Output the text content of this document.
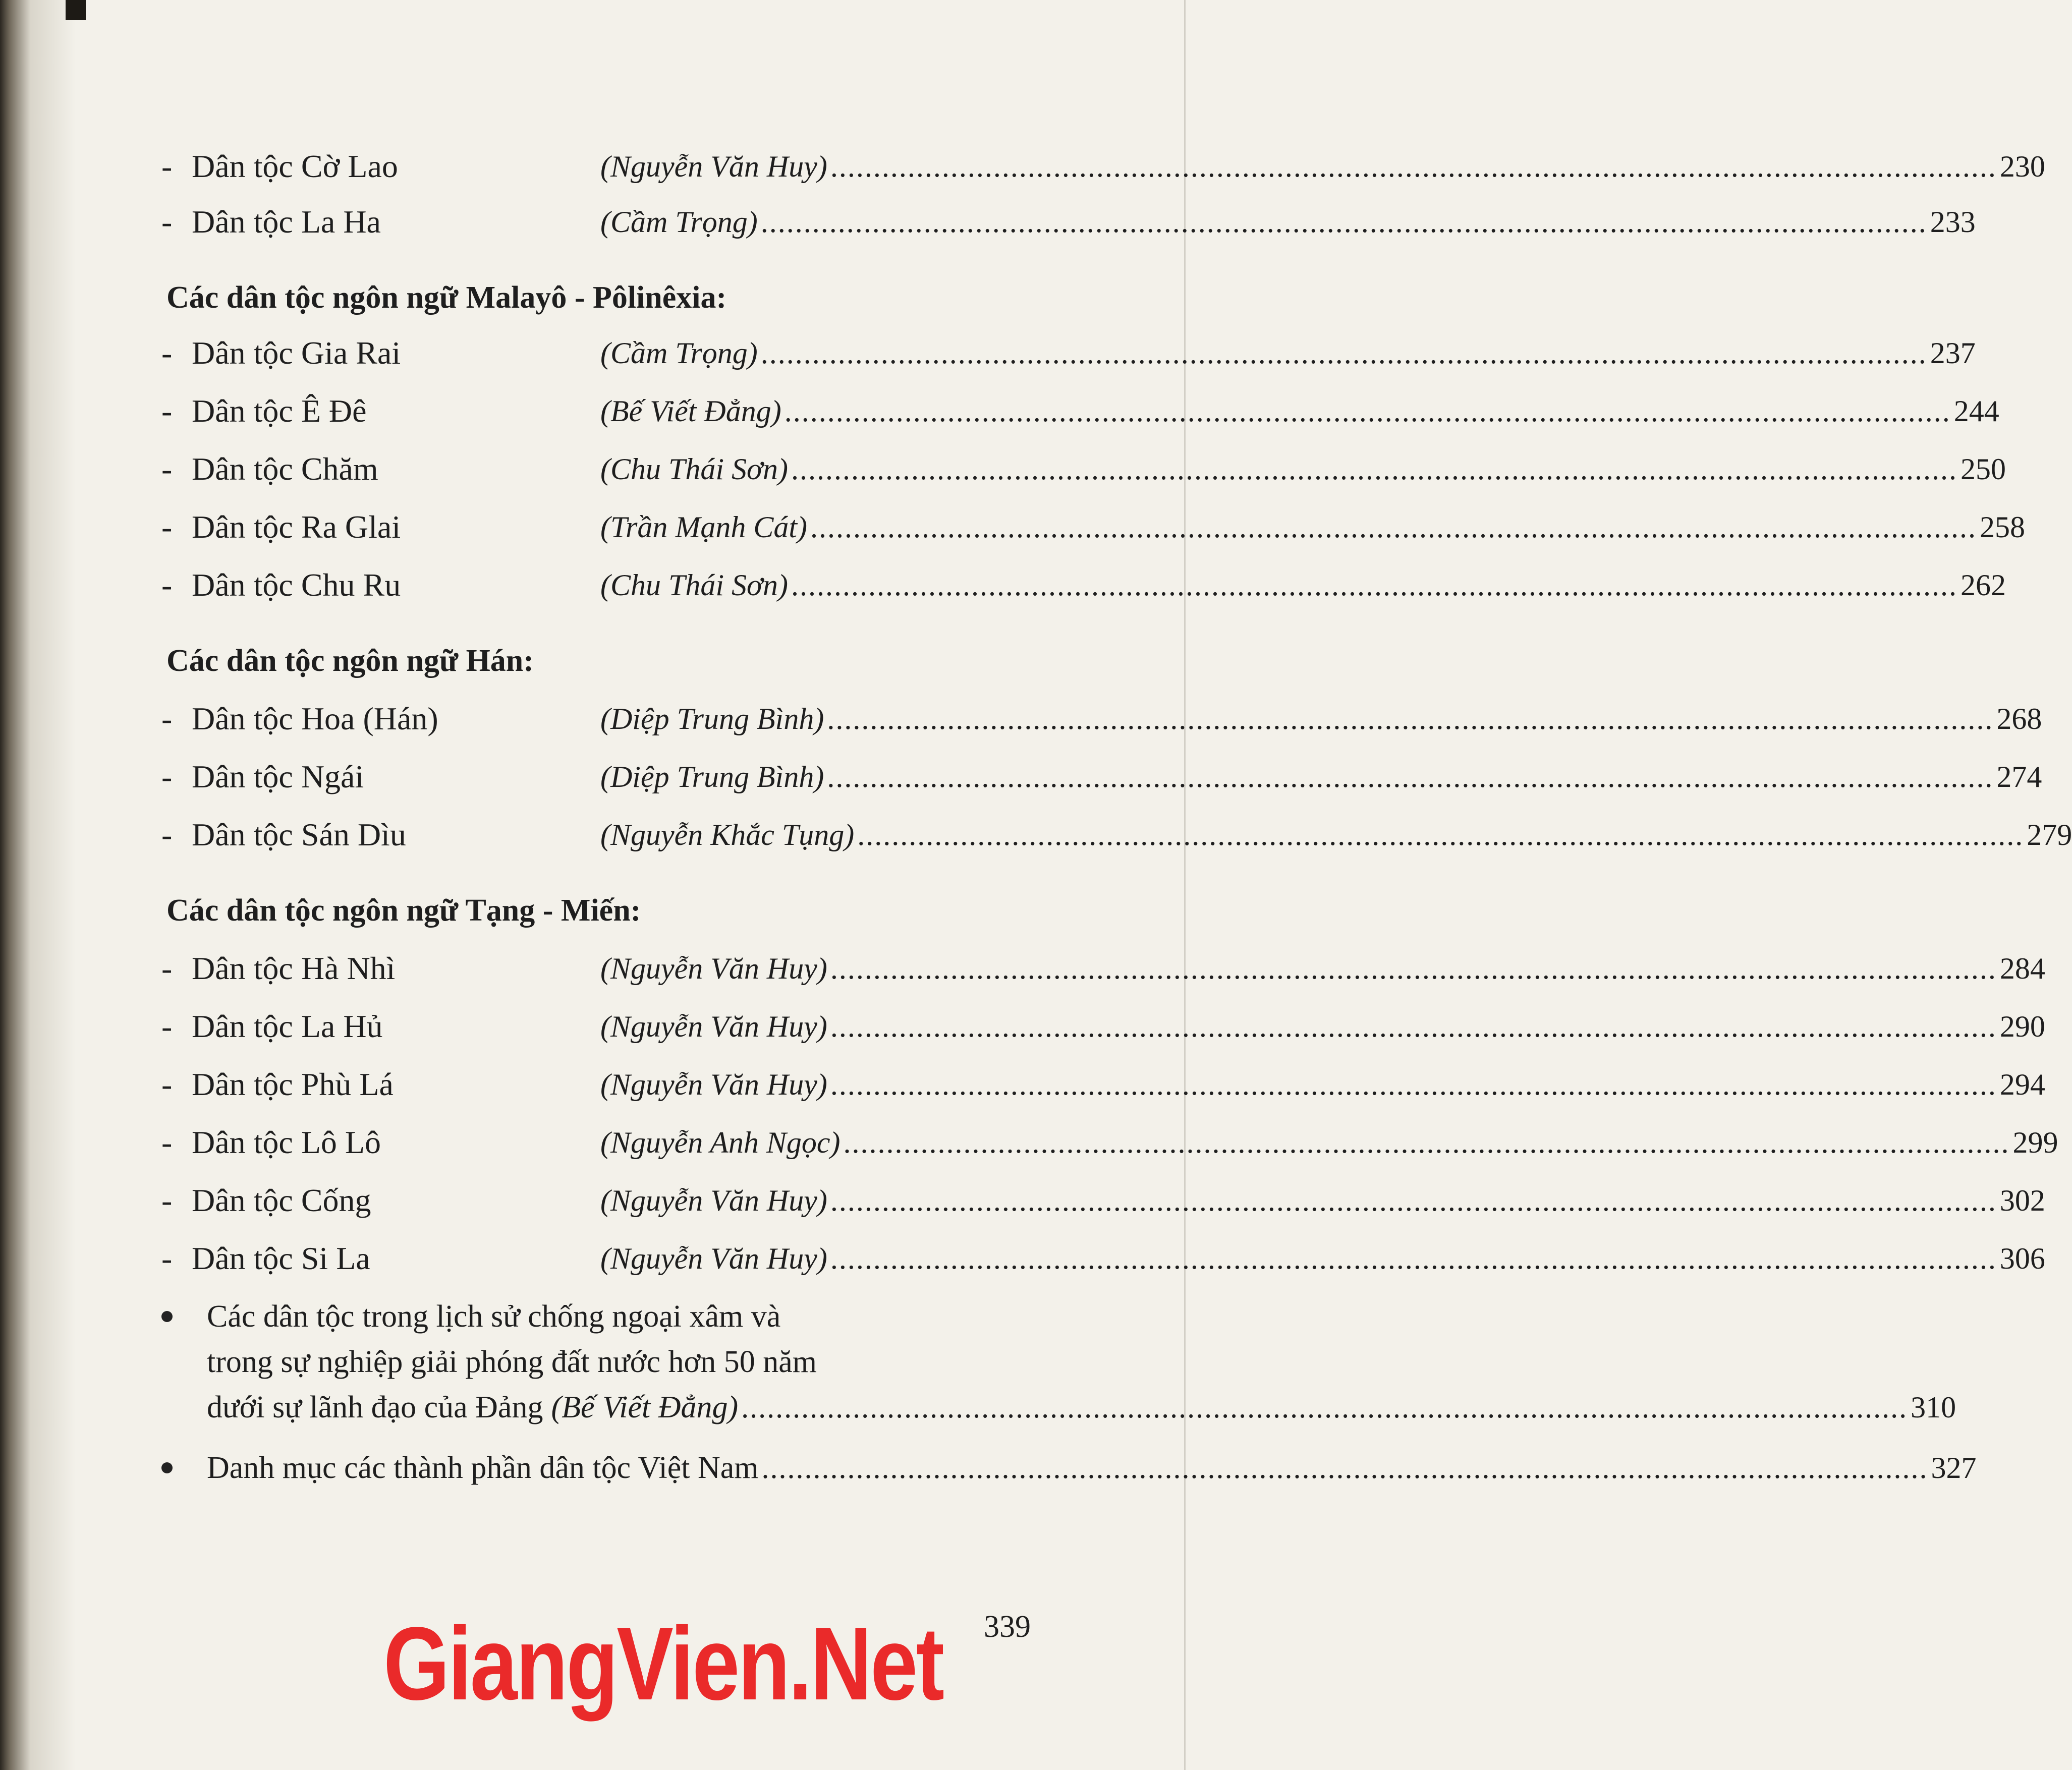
- Dân tộc Cờ Lao	(Nguyễn Văn Huy) ........................................................................................................................................ 230
- Dân tộc La Ha	(Cầm Trọng) ........................................................................................................................................ 233
Các dân tộc ngôn ngữ Malayô - Pôlinêxia:
- Dân tộc Gia Rai	(Cầm Trọng) ........................................................................................................................................ 237
- Dân tộc Ê Đê	(Bế Viết Đẳng) ........................................................................................................................................ 244
- Dân tộc Chăm	(Chu Thái Sơn) ........................................................................................................................................ 250
- Dân tộc Ra Glai	(Trần Mạnh Cát) ........................................................................................................................................ 258
- Dân tộc Chu Ru	(Chu Thái Sơn) ........................................................................................................................................ 262
Các dân tộc ngôn ngữ Hán:
- Dân tộc Hoa (Hán)	(Diệp Trung Bình) ........................................................................................................................................ 268
- Dân tộc Ngái	(Diệp Trung Bình) ........................................................................................................................................ 274
- Dân tộc Sán Dìu	(Nguyễn Khắc Tụng) ........................................................................................................................................ 279
Các dân tộc ngôn ngữ Tạng - Miến:
- Dân tộc Hà Nhì	(Nguyễn Văn Huy) ........................................................................................................................................ 284
- Dân tộc La Hủ	(Nguyễn Văn Huy) ........................................................................................................................................ 290
- Dân tộc Phù Lá	(Nguyễn Văn Huy) ........................................................................................................................................ 294
- Dân tộc Lô Lô	(Nguyễn Anh Ngọc) ........................................................................................................................................ 299
- Dân tộc Cống	(Nguyễn Văn Huy) ........................................................................................................................................ 302
- Dân tộc Si La	(Nguyễn Văn Huy) ........................................................................................................................................ 306
Các dân tộc trong lịch sử chống ngoại xâm và
trong sự nghiệp giải phóng đất nước hơn 50 năm
dưới sự lãnh đạo của Đảng (Bế Viết Đẳng) ........................................................................................................................................ 310
Danh mục các thành phần dân tộc Việt Nam ........................................................................................................................................ 327
GiangVien.Net 339
